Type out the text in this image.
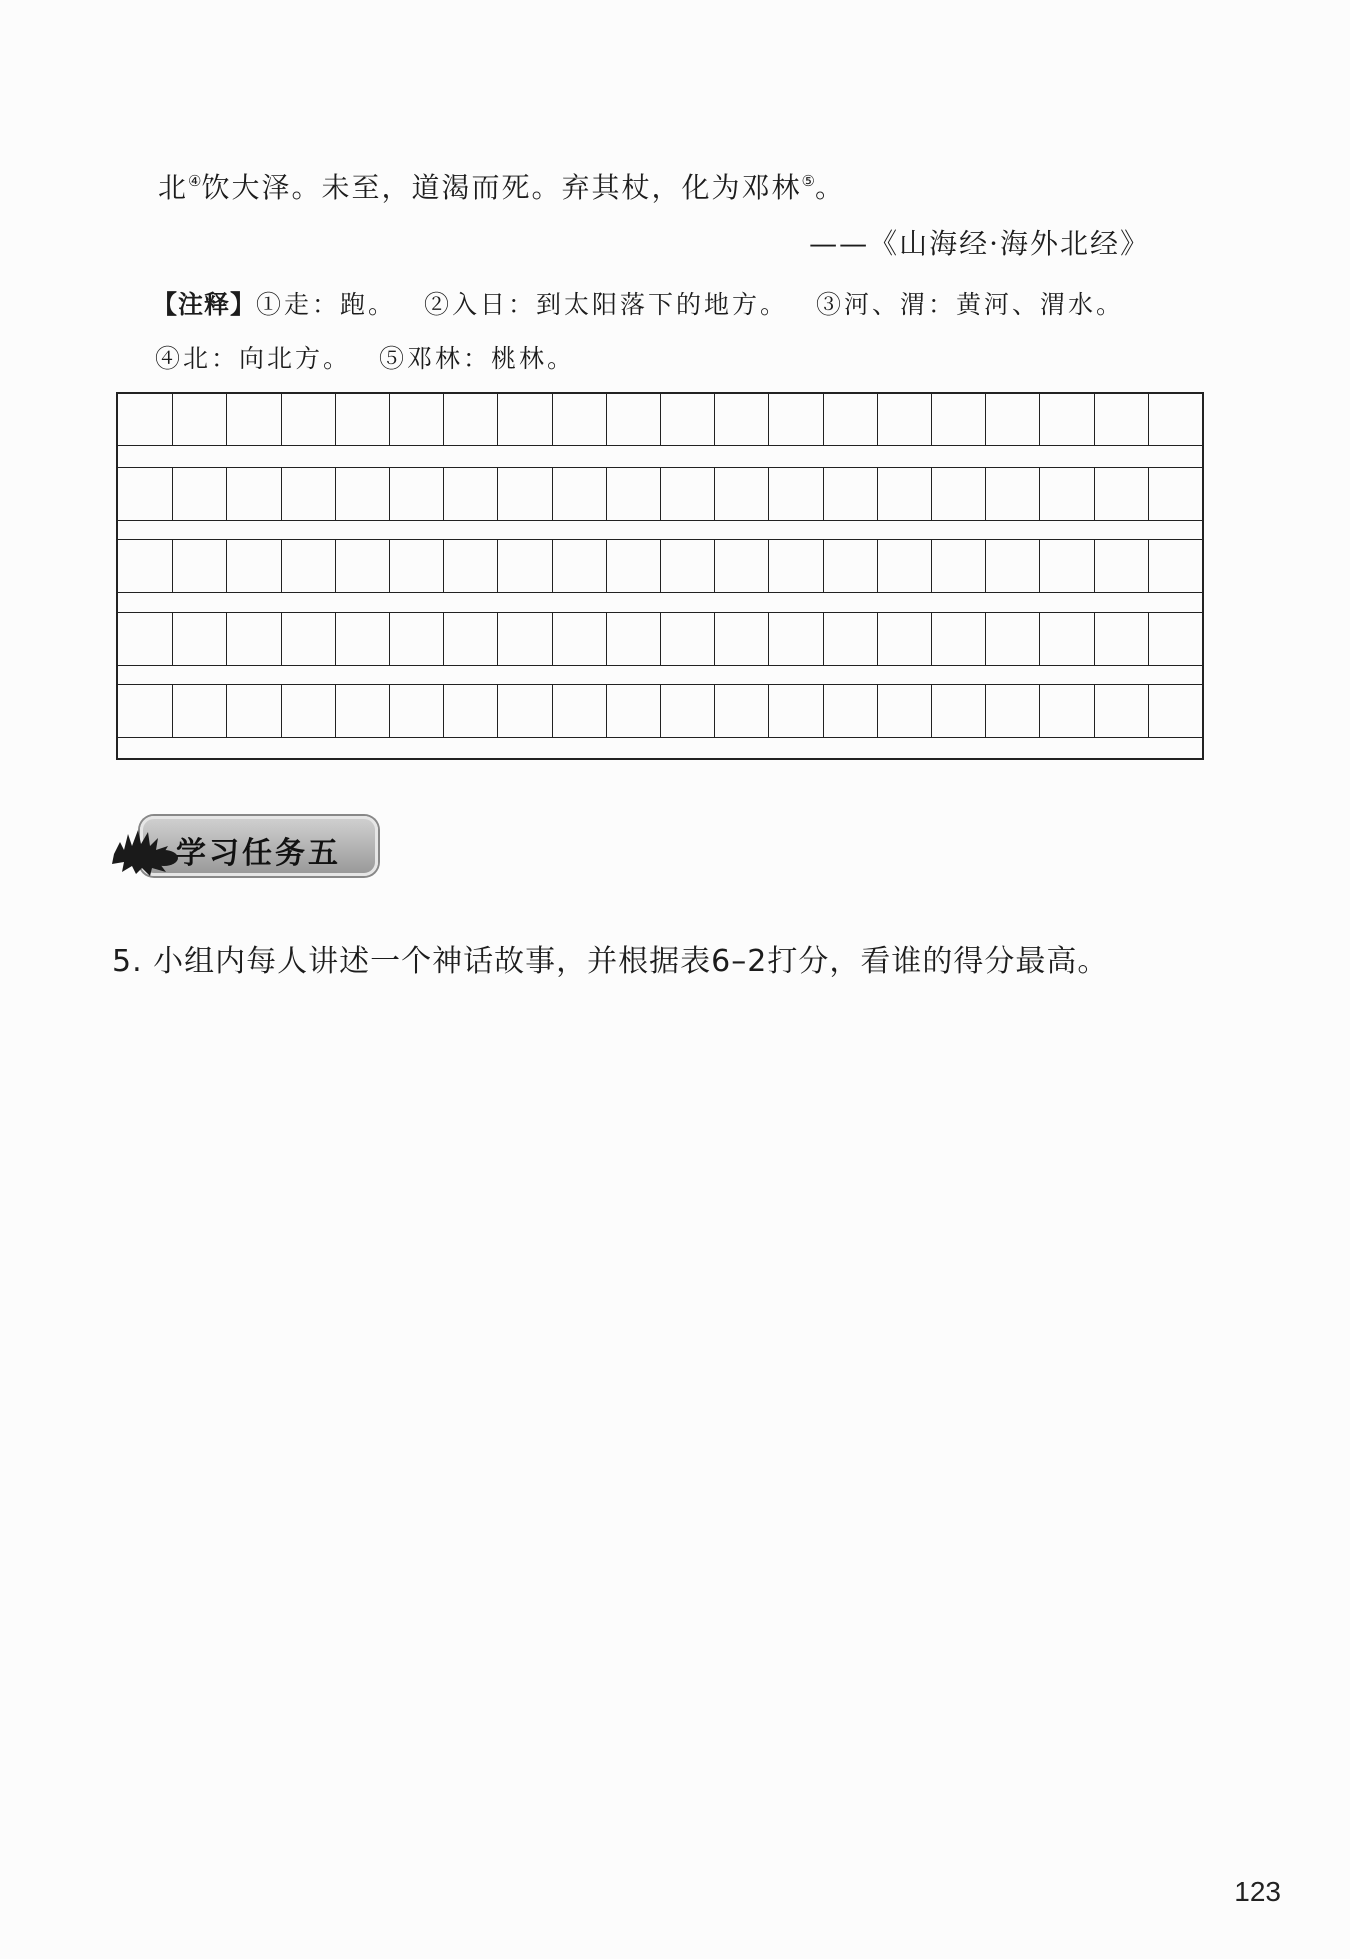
北④饮大泽。未至，道渴而死。弃其杖，化为邓林⑤。
——《山海经·海外北经》
【注释】①走：跑。 ②入日：到太阳落下的地方。 ③河、渭：黄河、渭水。
④北：向北方。 ⑤邓林：桃林。
学习任务五
5. 小组内每人讲述一个神话故事，并根据表6–2打分，看谁的得分最高。
123
